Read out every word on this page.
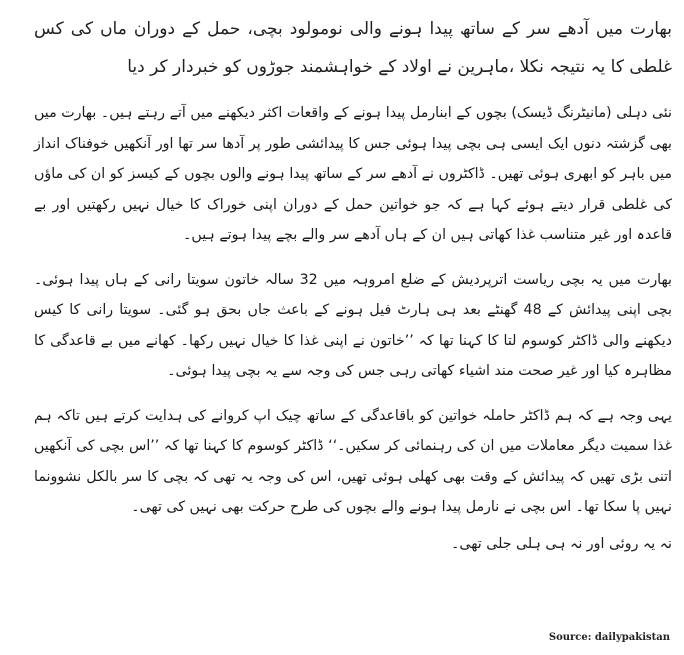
بھارت میں آدھے سر کے ساتھ پیدا ہونے والی نومولود بچی، حمل کے دوران ماں کی کس غلطی کا یہ نتیجہ نکلا ،ماہرین نے اولاد کے خواہشمند جوڑوں کو خبردار کر دیا

نئی دہلی (مانیٹرنگ ڈیسک) بچوں کے ابنارمل پیدا ہونے کے واقعات اکثر دیکھنے میں آتے رہتے ہیں۔ بھارت میں بھی گزشتہ دنوں ایک ایسی ہی بچی پیدا ہوئی جس کا پیدائشی طور پر آدھا سر تھا اور آنکھیں خوفناک انداز میں باہر کو ابھری ہوئی تھیں۔ ڈاکٹروں نے آدھے سر کے ساتھ پیدا ہونے والوں بچوں کے کیسز کو ان کی ماؤں کی غلطی قرار دیتے ہوئے کہا ہے کہ جو خواتین حمل کے دوران اپنی خوراک کا خیال نہیں رکھتیں اور بے قاعدہ اور غیر متناسب غذا کھاتی ہیں ان کے ہاں آدھے سر والے بچے پیدا ہوتے ہیں۔

بھارت میں یہ بچی ریاست اترپردیش کے ضلع امروہہ میں 32 سالہ خاتون سویتا رانی کے ہاں پیدا ہوئی۔ بچی اپنی پیدائش کے 48 گھنٹے بعد ہی ہارٹ فیل ہونے کے باعث جاں بحق ہو گئی۔ سویتا رانی کا کیس دیکھنے والی ڈاکٹر کوسوم لتا کا کہنا تھا کہ ’’خاتون نے اپنی غذا کا خیال نہیں رکھا۔ کھانے میں بے قاعدگی کا مظاہرہ کیا اور غیر صحت مند اشیاء کھاتی رہی جس کی وجہ سے یہ بچی پیدا ہوئی۔

یہی وجہ ہے کہ ہم ڈاکٹر حاملہ خواتین کو باقاعدگی کے ساتھ چیک اپ کروانے کی ہدایت کرتے ہیں تاکہ ہم غذا سمیت دیگر معاملات میں ان کی رہنمائی کر سکیں۔‘‘ ڈاکٹر کوسوم کا کہنا تھا کہ ’’اس بچی کی آنکھیں اتنی بڑی تھیں کہ پیدائش کے وقت بھی کھلی ہوئی تھیں، اس کی وجہ یہ تھی کہ بچی کا سر بالکل نشوونما نہیں پا سکا تھا۔ اس بچی نے نارمل پیدا ہونے والے بچوں کی طرح حرکت بھی نہیں کی تھی۔

نہ یہ روئی اور نہ ہی ہلی جلی تھی۔

Source: dailypakistan
